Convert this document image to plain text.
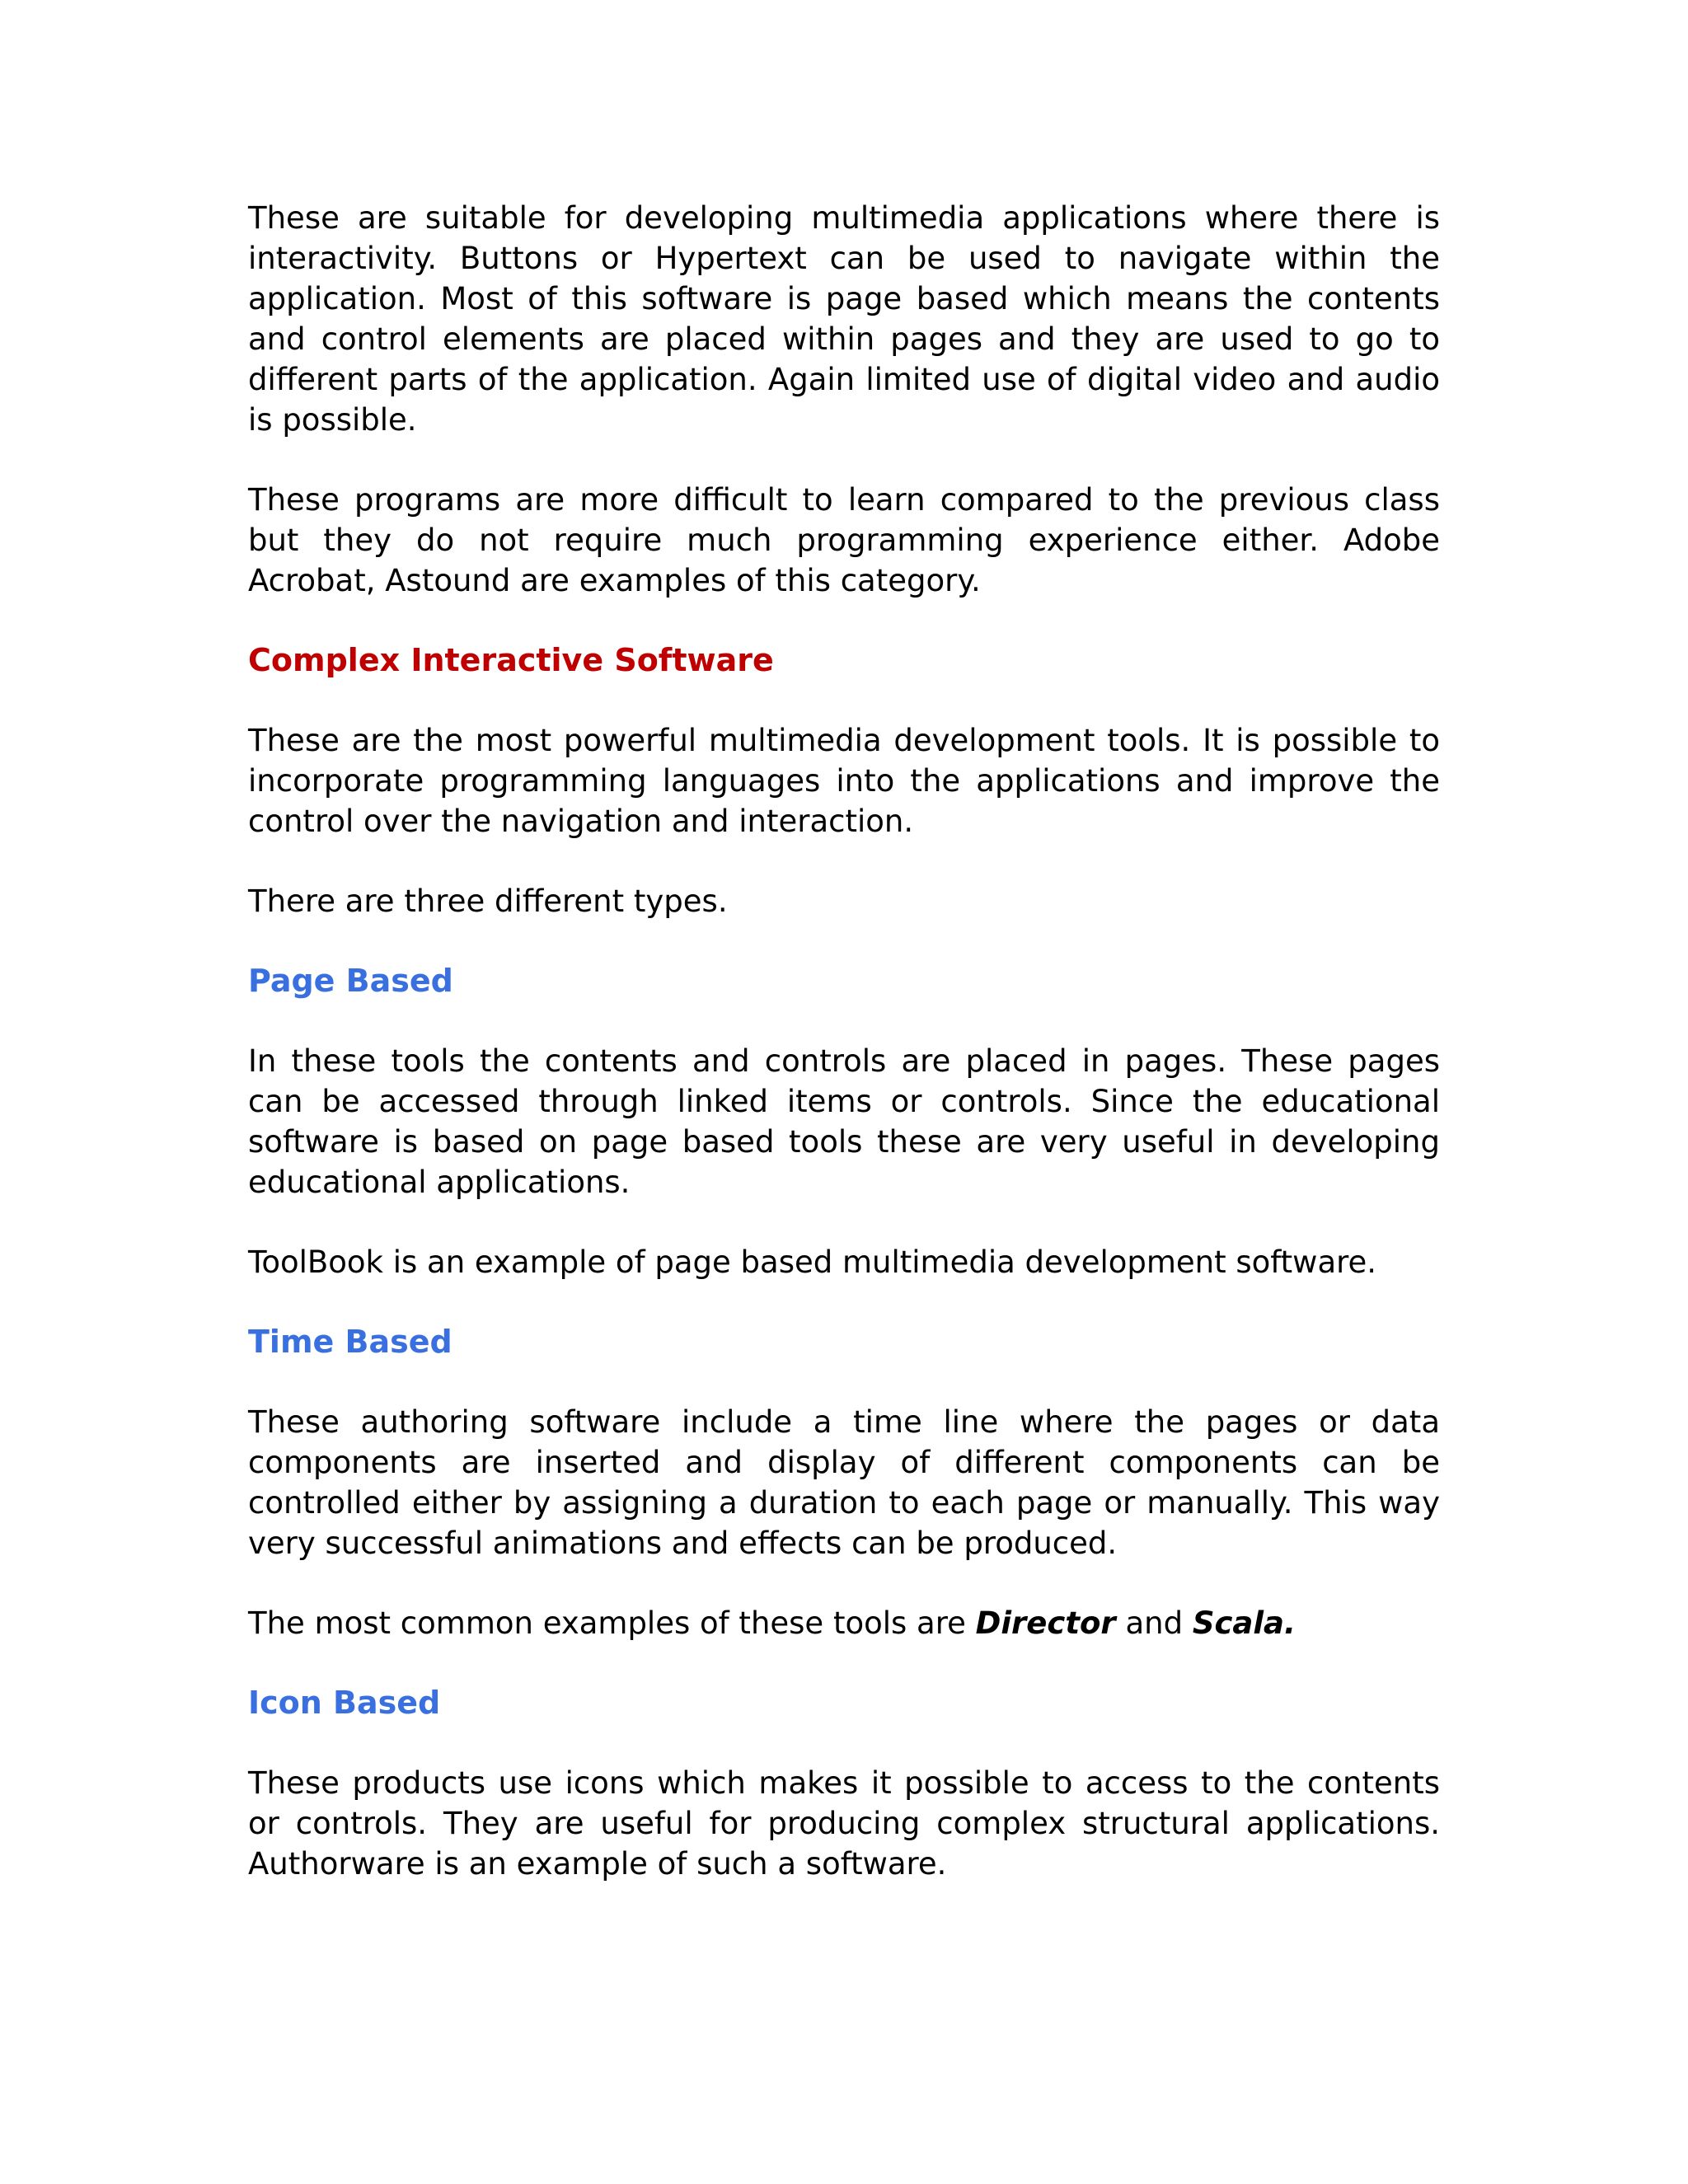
These are suitable for developing multimedia applications where there is interactivity. Buttons or Hypertext can be used to navigate within the application. Most of this software is page based which means the contents and control elements are placed within pages and they are used to go to different parts of the application. Again limited use of digital video and audio is possible.

These programs are more difficult to learn compared to the previous class but they do not require much programming experience either. Adobe Acrobat, Astound are examples of this category.

Complex Interactive Software

These are the most powerful multimedia development tools. It is possible to incorporate programming languages into the applications and improve the control over the navigation and interaction.

There are three different types.

Page Based

In these tools the contents and controls are placed in pages. These pages can be accessed through linked items or controls. Since the educational software is based on page based tools these are very useful in developing educational applications.

ToolBook is an example of page based multimedia development software.

Time Based

These authoring software include a time line where the pages or data components are inserted and display of different components can be controlled either by assigning a duration to each page or manually. This way very successful animations and effects can be produced.

The most common examples of these tools are Director and Scala.

Icon Based

These products use icons which makes it possible to access to the contents or controls. They are useful for producing complex structural applications. Authorware is an example of such a software.
